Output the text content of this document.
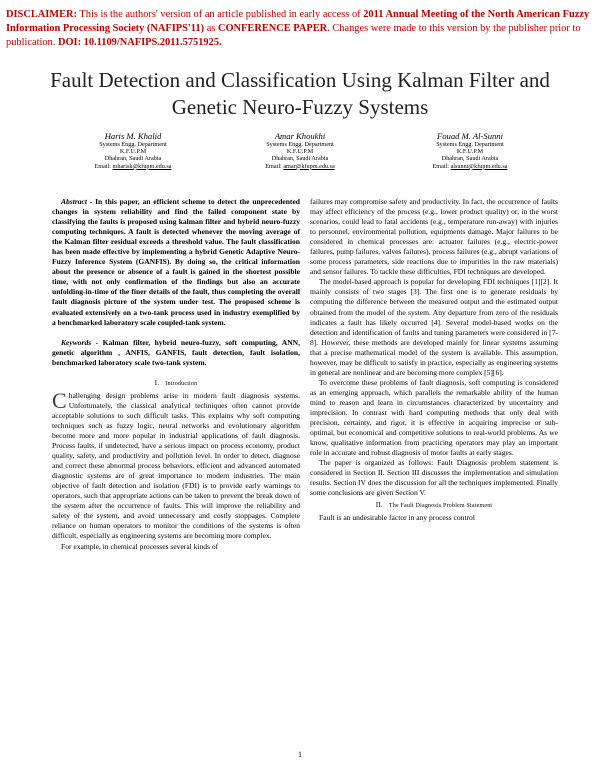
DISCLAIMER: This is the authors' version of an article published in early access of 2011 Annual Meeting of the North American Fuzzy Information Processing Society (NAFIPS'11) as CONFERENCE PAPER. Changes were made to this version by the publisher prior to publication. DOI: 10.1109/NAFIPS.2011.5751925.
Fault Detection and Classification Using Kalman Filter and Genetic Neuro-Fuzzy Systems
Haris M. Khalid
Systems Engg. Department
K.F.U.P.M
Dhahran, Saudi Arabia
Email: mharisk@kfupm.edu.sa
Amar Khoukhi
Systems Engg. Department
K.F.U.P.M
Dhahran, Saudi Arabia
Email: amar@kfupm.edu.sa
Fouad M. Al-Sunni
Systems Engg. Department
K.F.U.P.M
Dhahran, Saudi Arabia
Email: alsunni@kfupm.edu.sa

Abstract - In this paper, an efficient scheme to detect the unprecedented changes in system reliability and find the failed component state by classifying the faults is proposed using kalman filter and hybrid neuro-fuzzy computing techniques. A fault is detected whenever the moving average of the Kalman filter residual exceeds a threshold value. The fault classification has been made effective by implementing a hybrid Genetic Adaptive Neuro-Fuzzy Inference System (GANFIS). By doing so, the critical information about the presence or absence of a fault is gained in the shortest possible time, with not only confirmation of the findings but also an accurate unfolding-in-time of the finer details of the fault, thus completing the overall fault diagnosis picture of the system under test. The proposed scheme is evaluated extensively on a two-tank process used in industry exemplified by a benchmarked laboratory scale coupled-tank system.

Keywords - Kalman filter, hybrid neuro-fuzzy, soft computing, ANN, genetic algorithm , ANFIS, GANFIS, fault detection, fault isolation, benchmarked laboratory scale two-tank system.

I. Introduction

Challenging design problems arise in modern fault diagnosis systems. Unfortunately, the classical analytical techniques often cannot provide acceptable solutions to such difficult tasks. This explains why soft computing techniques such as fuzzy logic, neural networks and evolutionary algorithm become more and more popular in industrial applications of fault diagnosis. Process faults, if undetected, have a serious impact on process economy, product quality, safety, and productivity and pollution level. In order to detect, diagnose and correct these abnormal process behaviors, efficient and advanced automated diagnostic systems are of great importance to modern industries. The main objective of fault detection and isolation (FDI) is to provide early warnings to operators, such that appropriate actions can be taken to prevent the break down of the system after the occurrence of faults. This will improve the reliability and safety of the system, and avoid unnecessary and costly stoppages. Complete reliance on human operators to monitor the conditions of the systems is often difficult, especially as engineering systems are becoming more complex.

For example, in chemical processes several kinds of

failures may compromise safety and productivity. In fact, the occurrence of faults may affect efficiency of the process (e.g., lower product quality) or, in the worst scenarios, could lead to fatal accidents (e.g., temperature run-away) with injuries to personnel, environmental pollution, equipments damage. Major failures to be considered in chemical processes are: actuator failures (e.g., electric-power failures, pump failures, valves failures), process failures (e.g., abrupt variations of some process parameters, side reactions due to impurities in the raw materials) and sensor failures. To tackle these difficulties, FDI techniques are developed.

The model-based approach is popular for developing FDI techniques [1][2]. It mainly consists of two stages [3]. The first one is to generate residuals by computing the difference between the measured output and the estimated output obtained from the model of the system. Any departure from zero of the residuals indicates a fault has likely occurred [4]. Several model-based works on the detection and identification of faults and tuning parameters were considered in [7-8]. However, these methods are developed mainly for linear systems assuming that a precise mathematical model of the system is available. This assumption, however, may be difficult to satisfy in practice, especially as engineering systems in general are nonlinear and are becoming more complex [5][6].

To overcome these problems of fault diagnosis, soft computing is considered as an emerging approach, which parallels the remarkable ability of the human mind to reason and learn in circumstances characterized by uncertainty and imprecision. In contrast with hard computing methods that only deal with precision, certainty, and rigor, it is effective in acquiring imprecise or sub-optimal, but economical and competitive solutions to real-world problems. As we know, qualitative information from practicing operators may play an important role in accurate and robust diagnosis of motor faults at early stages.

The paper is organized as follows: Fault Diagnosis problem statement is considered in Section II. Section III discusses the implementation and simulation results. Section IV does the discussion for all the techniques implemented. Finally some conclusions are given Section V.

II. The Fault Diagnosis Problem Statement

Fault is an undesirable factor in any process control

1
